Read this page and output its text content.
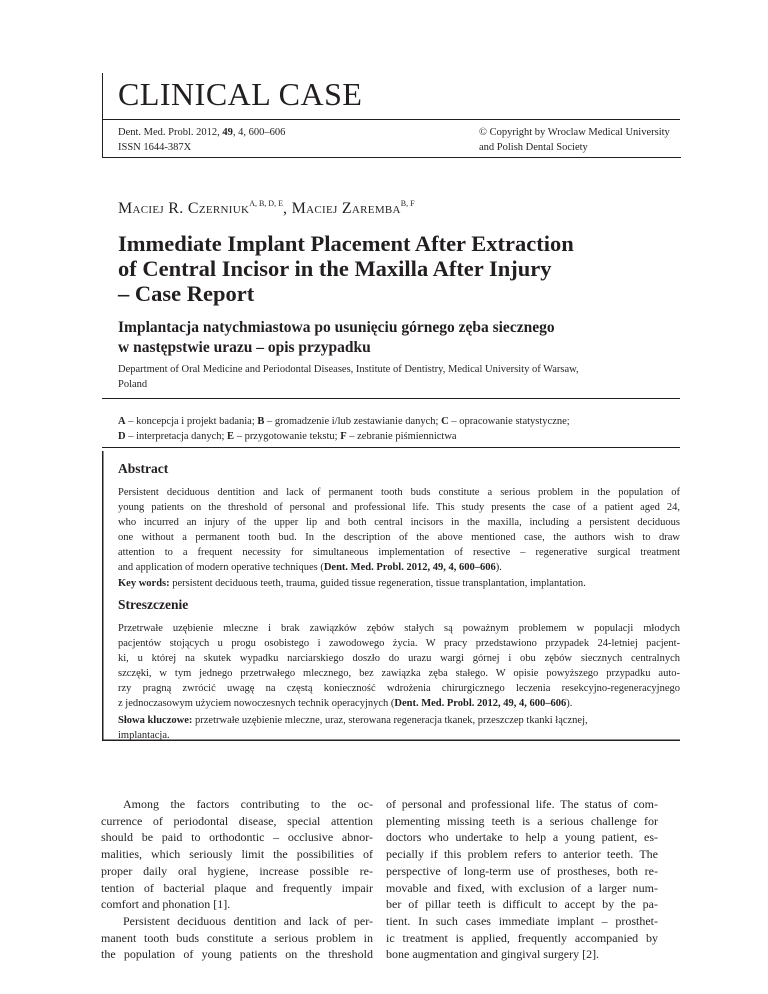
CLINICAL CASE
Dent. Med. Probl. 2012, 49, 4, 600–606
ISSN 1644-387X
© Copyright by Wroclaw Medical University
and Polish Dental Society
Maciej R. Czerniuk$^{A, B, D, E}$, Maciej Zaremba$^{B, F}$
Immediate Implant Placement After Extraction
of Central Incisor in the Maxilla After Injury
– Case Report
Implantacja natychmiastowa po usunięciu górnego zęba siecznego
w następstwie urazu – opis przypadku
Department of Oral Medicine and Periodontal Diseases, Institute of Dentistry, Medical University of Warsaw,
Poland
A – koncepcja i projekt badania; B – gromadzenie i/lub zestawianie danych; C – opracowanie statystyczne;
D – interpretacja danych; E – przygotowanie tekstu; F – zebranie piśmiennictwa
Abstract
Persistent deciduous dentition and lack of permanent tooth buds constitute a serious problem in the population of
young patients on the threshold of personal and professional life. This study presents the case of a patient aged 24,
who incurred an injury of the upper lip and both central incisors in the maxilla, including a persistent deciduous
one without a permanent tooth bud. In the description of the above mentioned case, the authors wish to draw
attention to a frequent necessity for simultaneous implementation of resective – regenerative surgical treatment
and application of modern operative techniques (Dent. Med. Probl. 2012, 49, 4, 600–606).
Key words: persistent deciduous teeth, trauma, guided tissue regeneration, tissue transplantation, implantation.
Streszczenie
Przetrwałe uzębienie mleczne i brak zawiązków zębów stałych są poważnym problemem w populacji młodych
pacjentów stojących u progu osobistego i zawodowego życia. W pracy przedstawiono przypadek 24-letniej pacjent-
ki, u której na skutek wypadku narciarskiego doszło do urazu wargi górnej i obu zębów siecznych centralnych
szczęki, w tym jednego przetrwałego mlecznego, bez zawiązka zęba stałego. W opisie powyższego przypadku auto-
rzy pragną zwrócić uwagę na częstą konieczność wdrożenia chirurgicznego leczenia resekcyjno-regeneracyjnego
z jednoczasowym użyciem nowoczesnych technik operacyjnych (Dent. Med. Probl. 2012, 49, 4, 600–606).
Słowa kluczowe: przetrwałe uzębienie mleczne, uraz, sterowana regeneracja tkanek, przeszczep tkanki łącznej,
implantacja.
Among the factors contributing to the oc-
currence of periodontal disease, special attention
should be paid to orthodontic – occlusive abnor-
malities, which seriously limit the possibilities of
proper daily oral hygiene, increase possible re-
tention of bacterial plaque and frequently impair
comfort and phonation [1].
Persistent deciduous dentition and lack of per-
manent tooth buds constitute a serious problem in
the population of young patients on the threshold
of personal and professional life. The status of com-
plementing missing teeth is a serious challenge for
doctors who undertake to help a young patient, es-
pecially if this problem refers to anterior teeth. The
perspective of long-term use of prostheses, both re-
movable and fixed, with exclusion of a larger num-
ber of pillar teeth is difficult to accept by the pa-
tient. In such cases immediate implant – prosthet-
ic treatment is applied, frequently accompanied by
bone augmentation and gingival surgery [2].
